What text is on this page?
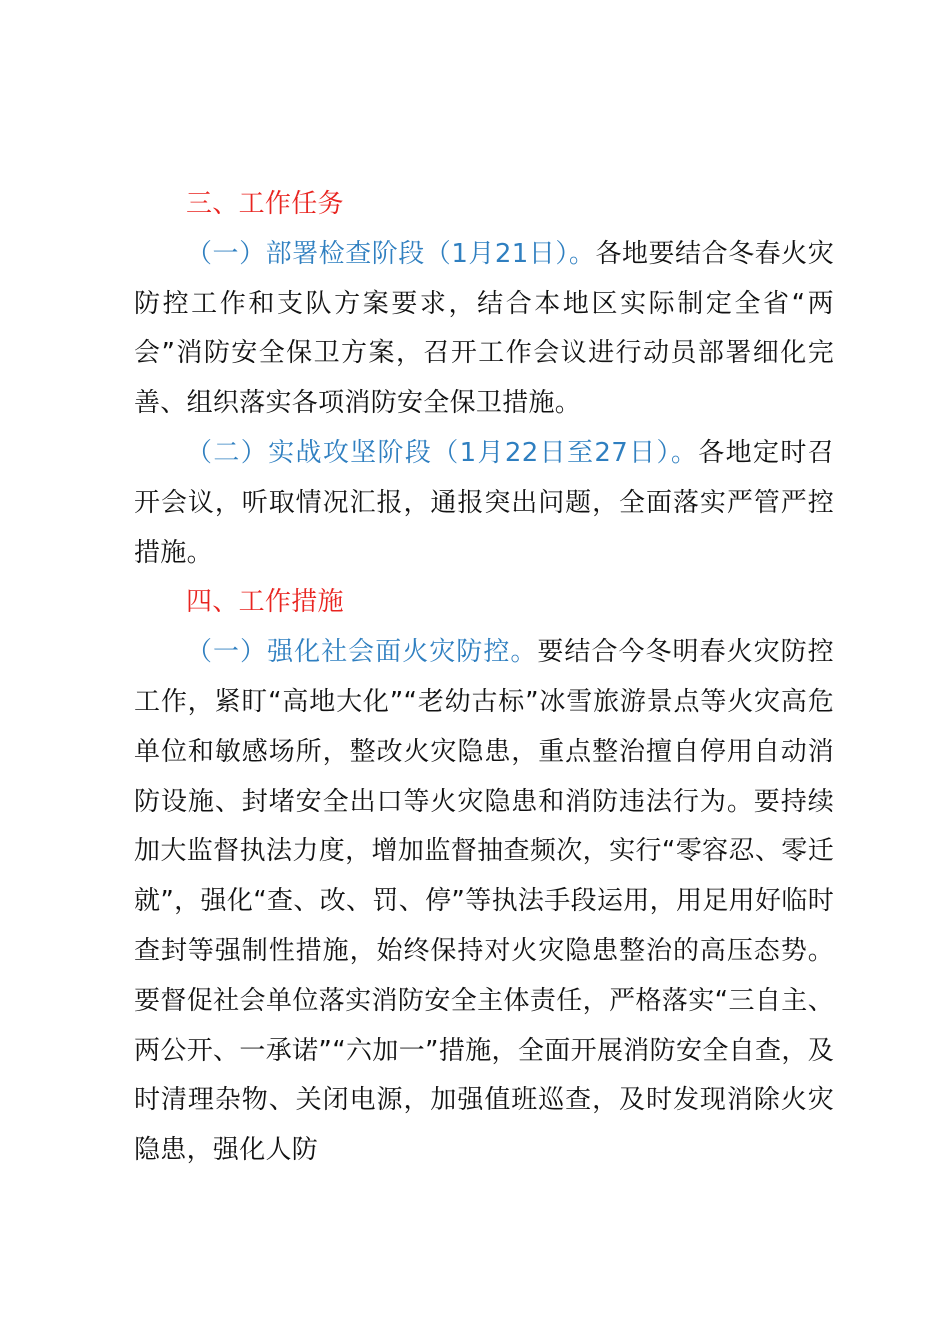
三、工作任务

（一）部署检查阶段（1月21日）。各地要结合冬春火灾防控工作和支队方案要求，结合本地区实际制定全省“两会”消防安全保卫方案，召开工作会议进行动员部署细化完善、组织落实各项消防安全保卫措施。

（二）实战攻坚阶段（1月22日至27日）。各地定时召开会议，听取情况汇报，通报突出问题，全面落实严管严控措施。

四、工作措施

（一）强化社会面火灾防控。要结合今冬明春火灾防控工作，紧盯“高地大化”“老幼古标”冰雪旅游景点等火灾高危单位和敏感场所，整改火灾隐患，重点整治擅自停用自动消防设施、封堵安全出口等火灾隐患和消防违法行为。要持续加大监督执法力度，增加监督抽查频次，实行“零容忍、零迁就”，强化“查、改、罚、停”等执法手段运用，用足用好临时查封等强制性措施，始终保持对火灾隐患整治的高压态势。要督促社会单位落实消防安全主体责任，严格落实“三自主、两公开、一承诺”“六加一”措施，全面开展消防安全自查，及时清理杂物、关闭电源，加强值班巡查，及时发现消除火灾隐患，强化人防
